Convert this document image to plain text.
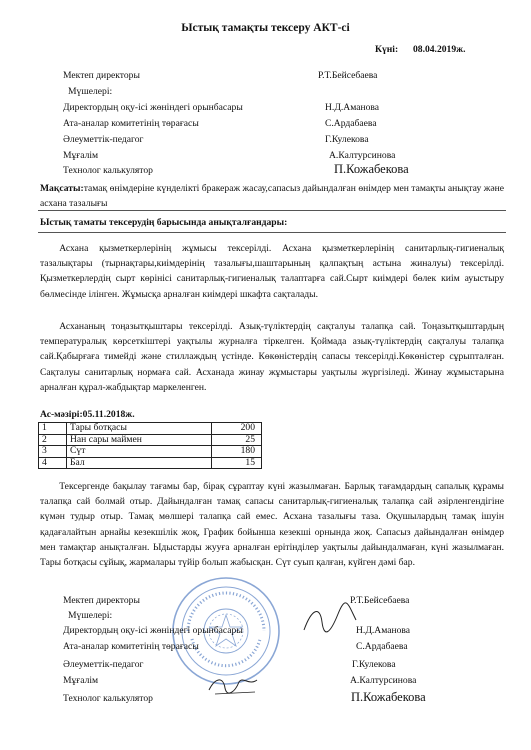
Ыстық тамақты тексеру АКТ-сі
Күні: 08.04.2019ж.
Мектеп директоры	Р.Т.Бейсебаева
Мүшелері:
Директордың оқу-ісі жөніндегі орынбасары	Н.Д.Аманова
Ата-аналар комитетінің төрағасы	С.Ардабаева
Әлеуметтік-педагог	Г.Кулекова
Мұғалім	А.Калтурсинова
Технолог калькулятор	П.Кожабекова

Мақсаты:тамақ өнімдеріне күнделікті бракераж жасау,сапасыз дайындалған өнімдер мен тамақты анықтау және асхана тазалығы

Ыстық таматы тексерудің барысында анықталғандары:

Асхана қызметкерлерінің жұмысы тексерілді. Асхана қызметкерлерінің санитарлық-гигиеналық тазалықтары (тырнақтары,киімдерінің тазалығы,шаштарының қалпақтың астына жиналуы) тексерілді. Қызметкерлердің сырт көрінісі санитарлық-гигиеналық талаптарға сай.Сырт киімдері бөлек киім ауыстыру бөлмесінде ілінген. Жұмысқа арналған киімдері шкафта сақталады.

Асхананың тоңазытқыштары тексерілді. Азық-түліктердің сақталуы талапқа сай. Тоңазытқыштардың температуралық көрсеткіштері уақтылы журналға тіркелген. Қоймада азық-түліктердің сақталуы талапқа сай.Қабырғаға тимейді және стиллаждың үстінде. Көкөністердің сапасы тексерілді.Көкөністер сұрыпталған. Сақталуы санитарлық нормаға сай. Асханада жинау жұмыстары уақтылы жүргізіледі. Жинау жұмыстарына арналған құрал-жабдықтар маркеленген.

Ас-мәзірі:05.11.2018ж.
1	Тары ботқасы	200
2	Нан сары маймен	25
3	Сүт	180
4	Бал	15

Тексергенде бақылау тағамы бар, бірақ сұраптау күні жазылмаған. Барлық тағамдардың сапалық құрамы талапқа сай болмай отыр. Дайындалған тамақ сапасы санитарлық-гигиеналық талапқа сай әзірленгендігіне күмән тудыр отыр. Тамақ мөлшері талапқа сай емес. Асхана тазалығы таза. Оқушылардың тамақ ішуін қадағалайтын арнайы кезекшілік жоқ, График бойынша кезекші орнында жоқ. Сапасыз дайындалған өнімдер мен тамақтар анықталған. Ыдыстарды жууға арналған ерітінділер уақтылы дайындалмаған, күні жазылмаған. Тары ботқасы сұйық, жармалары түйір болып жабысқан. Сүт суып қалған, күйген дәмі бар.

Мектеп директоры	Р.Т.Бейсебаева
Мүшелері:
Директордың оқу-ісі жөніндегі орынбасары	Н.Д.Аманова
Ата-аналар комитетінің төрағасы	С.Ардабаева
Әлеуметтік-педагог	Г.Кулекова
Мұғалім	А.Калтурсинова
Технолог калькулятор	П.Кожабекова
